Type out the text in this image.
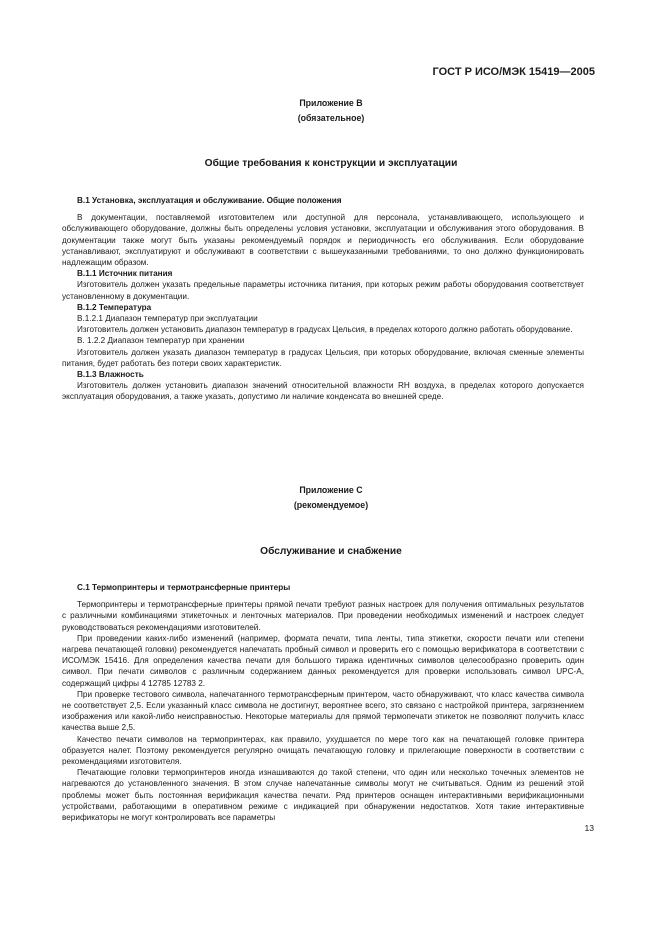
ГОСТ Р ИСО/МЭК 15419—2005
Приложение B
(обязательное)
Общие требования к конструкции и эксплуатации

B.1 Установка, эксплуатация и обслуживание. Общие положения

В документации, поставляемой изготовителем или доступной для персонала, устанавливающего, использующего и обслуживающего оборудование, должны быть определены условия установки, эксплуатации и обслуживания этого оборудования. В документации также могут быть указаны рекомендуемый порядок и периодичность его обслуживания. Если оборудование устанавливают, эксплуатируют и обслуживают в соответствии с вышеуказанными требованиями, то оно должно функционировать надлежащим образом.

B.1.1 Источник питания

Изготовитель должен указать предельные параметры источника питания, при которых режим работы оборудования соответствует установленному в документации.

B.1.2 Температура

B.1.2.1 Диапазон температур при эксплуатации

Изготовитель должен установить диапазон температур в градусах Цельсия, в пределах которого должно работать оборудование.

B. 1.2.2 Диапазон температур при хранении

Изготовитель должен указать диапазон температур в градусах Цельсия, при которых оборудование, включая сменные элементы питания, будет работать без потери своих характеристик.

B.1.3 Влажность

Изготовитель должен установить диапазон значений относительной влажности RH воздуха, в пределах которого допускается эксплуатация оборудования, а также указать, допустимо ли наличие конденсата во внешней среде.

Приложение C
(рекомендуемое)
Обслуживание и снабжение

C.1 Термопринтеры и термотрансферные принтеры

Термопринтеры и термотрансферные принтеры прямой печати требуют разных настроек для получения оптимальных результатов с различными комбинациями этикеточных и ленточных материалов. При проведении необходимых изменений и настроек следует руководствоваться рекомендациями изготовителей.

При проведении каких-либо изменений (например, формата печати, типа ленты, типа этикетки, скорости печати или степени нагрева печатающей головки) рекомендуется напечатать пробный символ и проверить его с помощью верификатора в соответствии с ИСО/МЭК 15416. Для определения качества печати для большого тиража идентичных символов целесообразно проверить один символ. При печати символов с различным содержанием данных рекомендуется для проверки использовать символ UPC-A, содержащий цифры 4 12785 12783 2.

При проверке тестового символа, напечатанного термотрансферным принтером, часто обнаруживают, что класс качества символа не соответствует 2,5. Если указанный класс символа не достигнут, вероятнее всего, это связано с настройкой принтера, загрязнением изображения или какой-либо неисправностью. Некоторые материалы для прямой термопечати этикеток не позволяют получить класс качества выше 2,5.

Качество печати символов на термопринтерах, как правило, ухудшается по мере того как на печатающей головке принтера образуется налет. Поэтому рекомендуется регулярно очищать печатающую головку и прилегающие поверхности в соответствии с рекомендациями изготовителя.

Печатающие головки термопринтеров иногда изнашиваются до такой степени, что один или несколько точечных элементов не нагреваются до установленного значения. В этом случае напечатанные символы могут не считываться. Одним из решений этой проблемы может быть постоянная верификация качества печати. Ряд принтеров оснащен интерактивными верификационными устройствами, работающими в оперативном режиме с индикацией при обнаружении недостатков. Хотя такие интерактивные верификаторы не могут контролировать все параметры

13
